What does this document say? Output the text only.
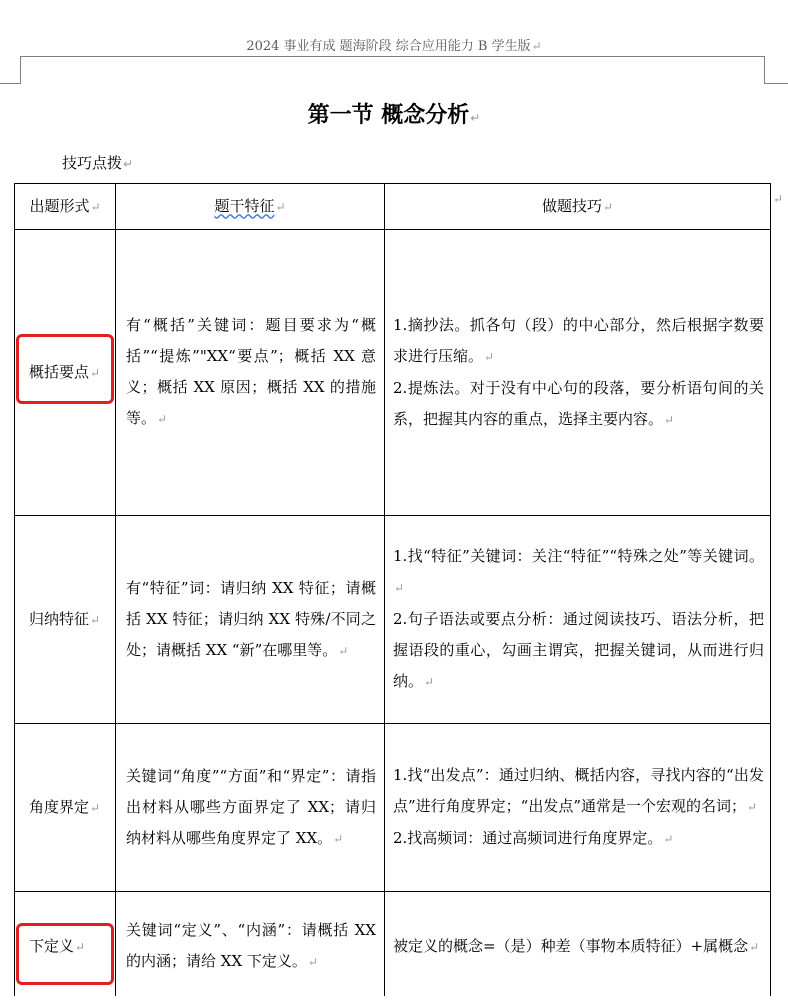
2024 事业有成 题海阶段 综合应用能力 B 学生版↵
第一节 概念分析↵
技巧点拨↵
出题形式↵	题干特征↵	做题技巧↵
概括要点↵	有“概括”关键词：题目要求为“概括”“提炼”"XX“要点”；概括 XX 意义；概括 XX 原因；概括 XX 的措施等。↵	1.摘抄法。抓各句（段）的中心部分，然后根据字数要求进行压缩。↵
2.提炼法。对于没有中心句的段落，要分析语句间的关系，把握其内容的重点，选择主要内容。↵

归纳特征↵	有“特征”词：请归纳 XX 特征；请概括 XX 特征；请归纳 XX 特殊/不同之处；请概括 XX “新”在哪里等。↵	1.找“特征”关键词：关注“特征”“特殊之处”等关键词。↵
2.句子语法或要点分析：通过阅读技巧、语法分析，把握语段的重心，勾画主谓宾，把握关键词，从而进行归纳。↵

角度界定↵	关键词“角度”“方面”和“界定”：请指出材料从哪些方面界定了 XX；请归纳材料从哪些角度界定了 XX。↵	1.找“出发点”：通过归纳、概括内容，寻找内容的“出发点”进行角度界定；“出发点”通常是一个宏观的名词；↵
2.找高频词：通过高频词进行角度界定。↵

下定义↵	关键词“定义”、“内涵”：请概括 XX 的内涵；请给 XX 下定义。↵	被定义的概念=（是）种差（事物本质特征）+属概念↵
↵
